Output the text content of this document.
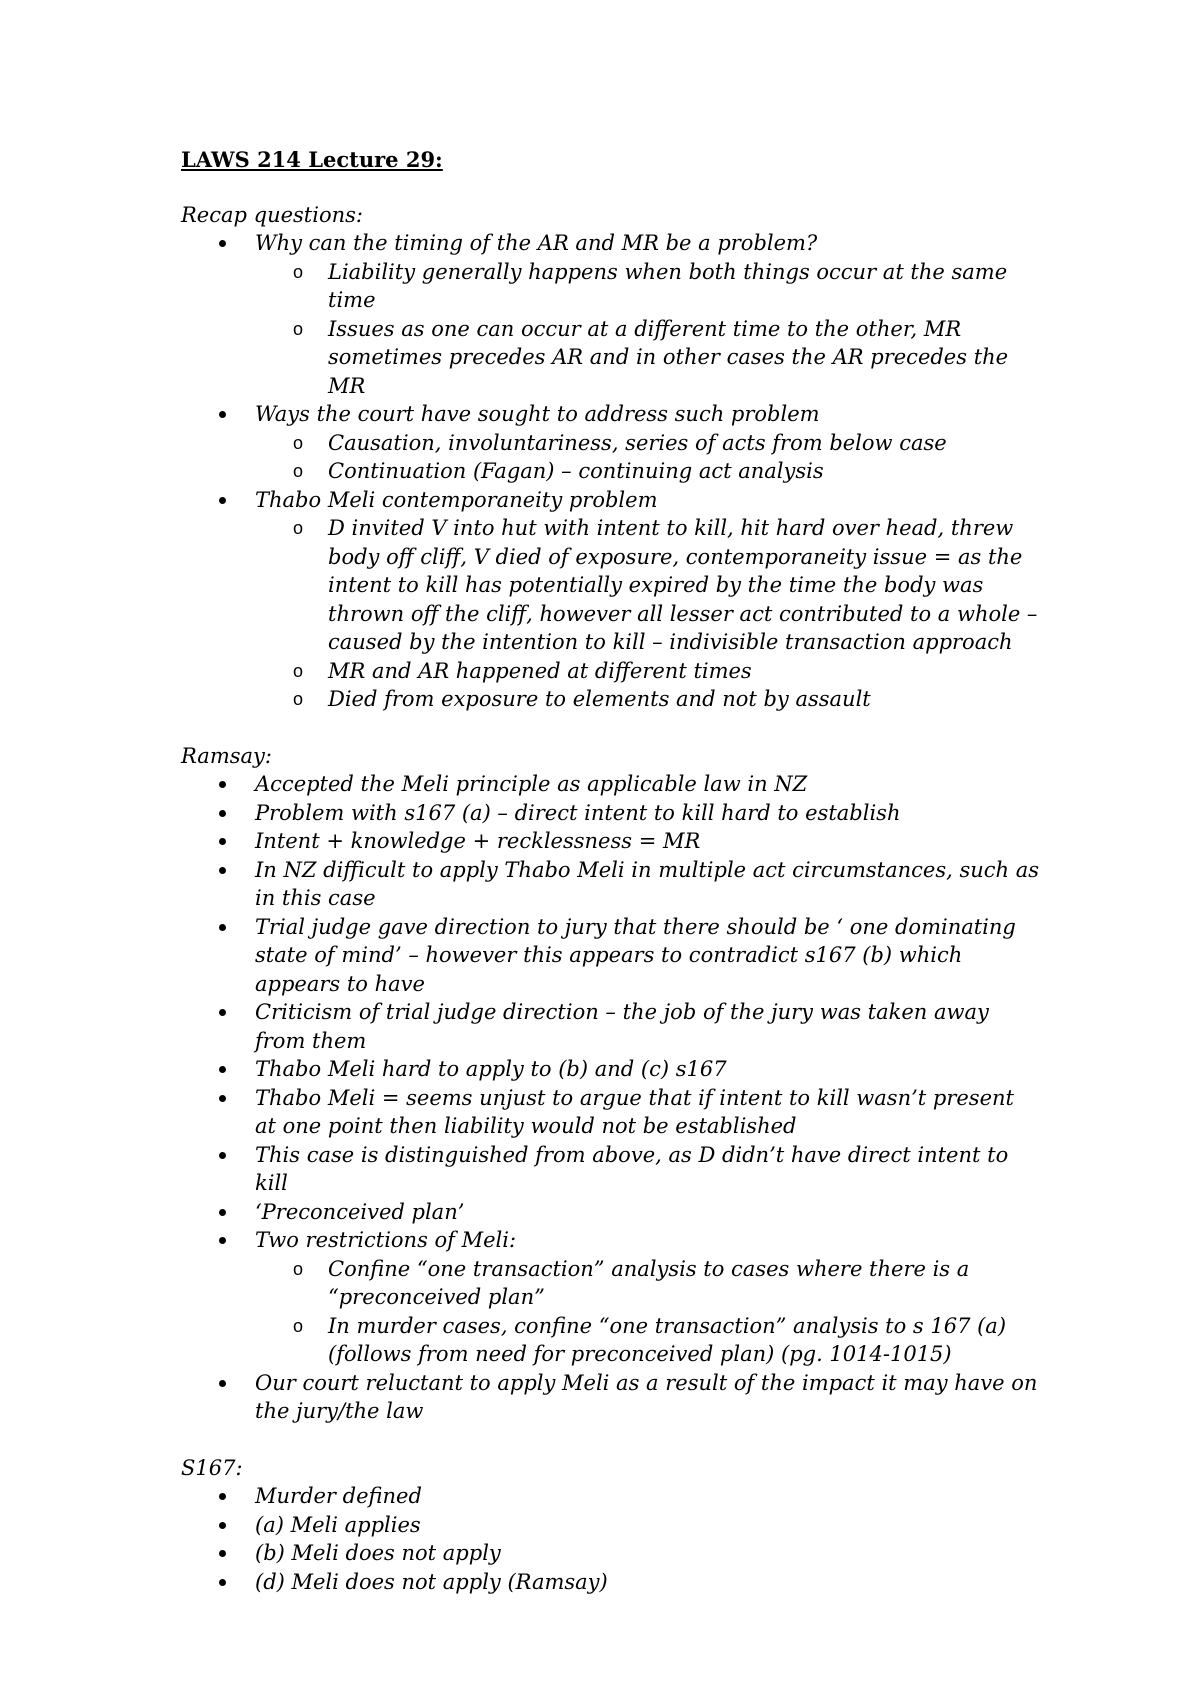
LAWS 214 Lecture 29:

Recap questions:

Why can the timing of the AR and MR be a problem?
o Liability generally happens when both things occur at the same time
o Issues as one can occur at a different time to the other, MR sometimes precedes AR and in other cases the AR precedes the MR
Ways the court have sought to address such problem
o Causation, involuntariness, series of acts from below case
o Continuation (Fagan) – continuing act analysis
Thabo Meli contemporaneity problem
o D invited V into hut with intent to kill, hit hard over head, threw body off cliff, V died of exposure, contemporaneity issue = as the intent to kill has potentially expired by the time the body was thrown off the cliff, however all lesser act contributed to a whole – caused by the intention to kill – indivisible transaction approach
o MR and AR happened at different times
o Died from exposure to elements and not by assault

Ramsay:

Accepted the Meli principle as applicable law in NZ
Problem with s167 (a) – direct intent to kill hard to establish
Intent + knowledge + recklessness = MR
In NZ difficult to apply Thabo Meli in multiple act circumstances, such as in this case
Trial judge gave direction to jury that there should be ‘ one dominating state of mind’ – however this appears to contradict s167 (b) which appears to have
Criticism of trial judge direction – the job of the jury was taken away from them
Thabo Meli hard to apply to (b) and (c) s167
Thabo Meli = seems unjust to argue that if intent to kill wasn’t present at one point then liability would not be established
This case is distinguished from above, as D didn’t have direct intent to kill
‘Preconceived plan’
Two restrictions of Meli:
o Confine “one transaction” analysis to cases where there is a “preconceived plan”
o In murder cases, confine “one transaction” analysis to s 167 (a) (follows from need for preconceived plan) (pg. 1014-1015)
Our court reluctant to apply Meli as a result of the impact it may have on the jury/the law

S167:

Murder defined
(a) Meli applies
(b) Meli does not apply
(d) Meli does not apply (Ramsay)
